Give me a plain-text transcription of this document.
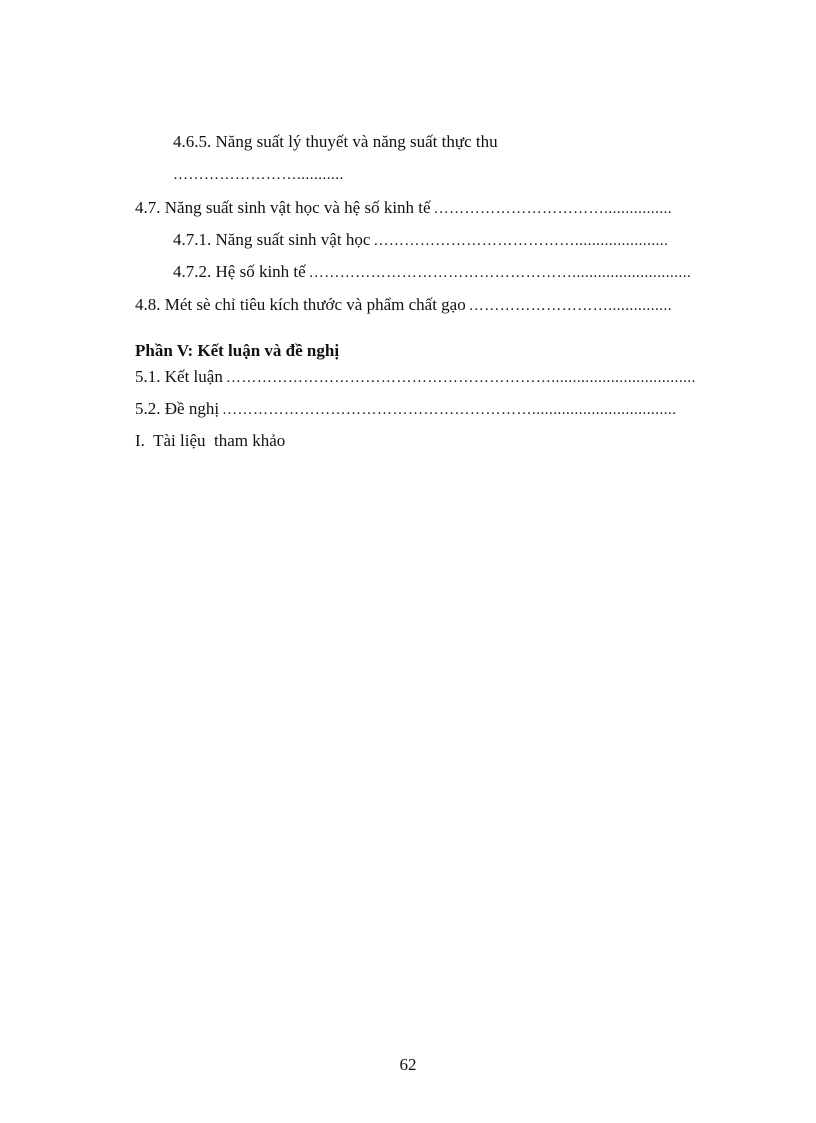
4.6.5. Năng suất lý thuyết và năng suất thực thu
……………………...........
4.7. Năng suất sinh vật học và hệ số kinh tế ……………………………................
4.7.1. Năng suất sinh vật học …………………………………......................
4.7.2. Hệ số kinh tế ……………………………………………............................
4.8. Mét sè chỉ tiêu kích thước và phẩm chất gạo ………………………...............
Phần V: Kết luận và đề nghị
5.1. Kết luận ………………………………………………………..................................
5.2. Đề nghị ……………………………………………………..................................
I.  Tài liệu  tham khảo
62
